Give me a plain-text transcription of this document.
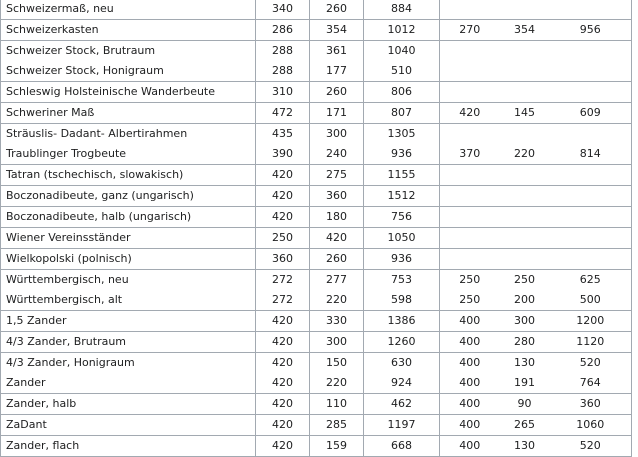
Schweizermaß, neu	340	260	884			
Schweizerkasten	286	354	1012	270	354	956
Schweizer Stock, Brutraum	288	361	1040			
Schweizer Stock, Honigraum	288	177	510			
Schleswig Holsteinische Wanderbeute	310	260	806			
Schweriner Maß	472	171	807	420	145	609
Sträuslis- Dadant- Albertirahmen	435	300	1305			
Traublinger Trogbeute	390	240	936	370	220	814
Tatran (tschechisch, slowakisch)	420	275	1155			
Boczonadibeute, ganz (ungarisch)	420	360	1512			
Boczonadibeute, halb (ungarisch)	420	180	756			
Wiener Vereinsständer	250	420	1050			
Wielkopolski (polnisch)	360	260	936			
Württembergisch, neu	272	277	753	250	250	625
Württembergisch, alt	272	220	598	250	200	500
1,5 Zander	420	330	1386	400	300	1200
4/3 Zander, Brutraum	420	300	1260	400	280	1120
4/3 Zander, Honigraum	420	150	630	400	130	520
Zander	420	220	924	400	191	764
Zander, halb	420	110	462	400	90	360
ZaDant	420	285	1197	400	265	1060
Zander, flach	420	159	668	400	130	520
